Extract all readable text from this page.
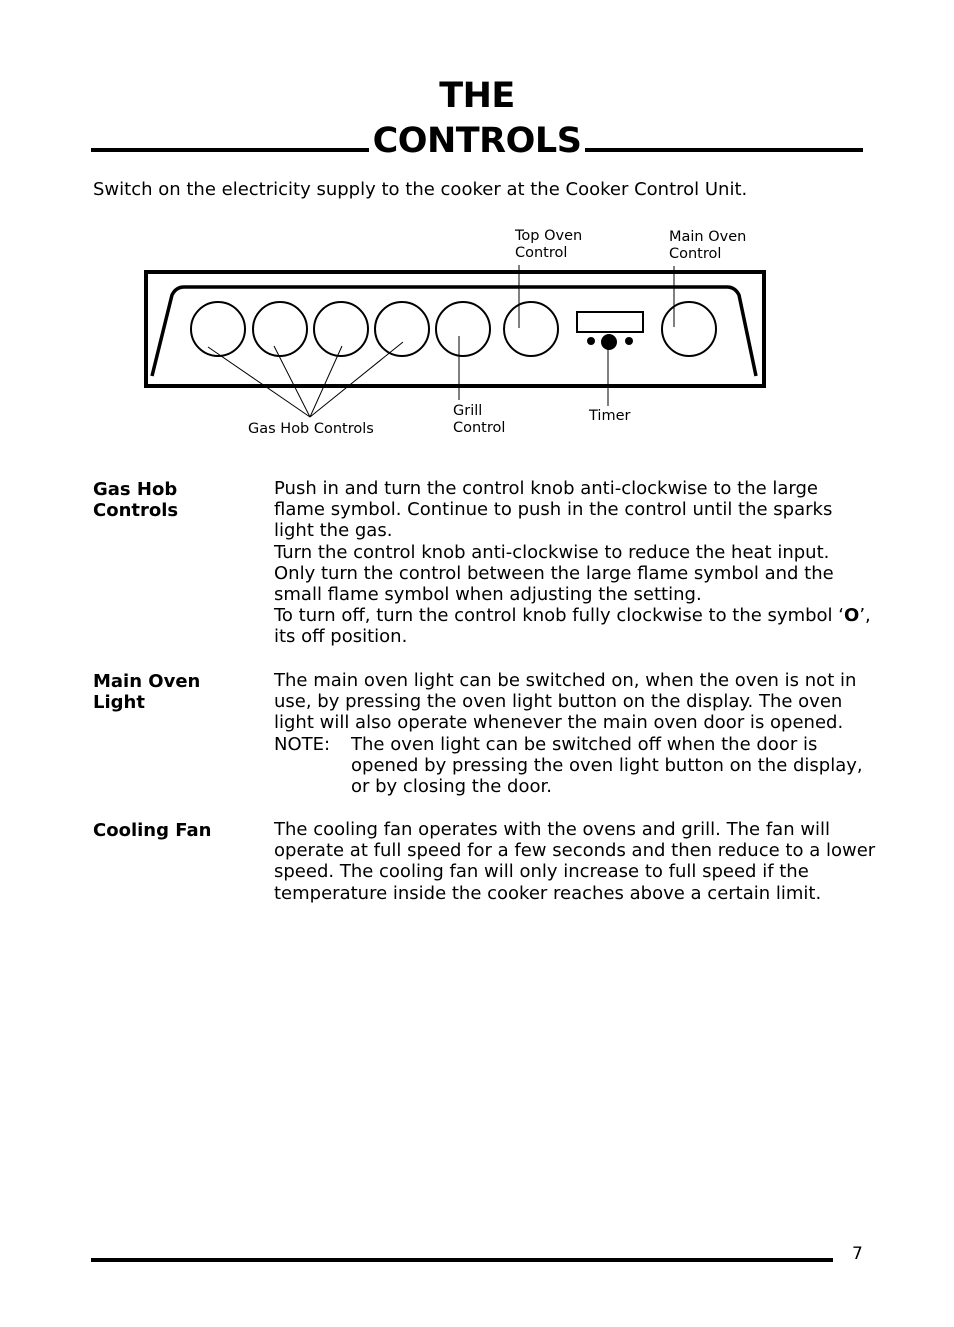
THE
CONTROLS
Switch on the electricity supply to the cooker at the Cooker Control Unit.
Top Oven
Control
Main Oven
Control
Gas Hob Controls
Grill
Control
Timer
Gas Hob
Controls

Push in and turn the control knob anti-clockwise to the large

flame symbol. Continue to push in the control until the sparks

light the gas.

Turn the control knob anti-clockwise to reduce the heat input.

Only turn the control between the large flame symbol and the

small flame symbol when adjusting the setting.

To turn off, turn the control knob fully clockwise to the symbol ‘O’,

its off position.

Main Oven
Light

The main oven light can be switched on, when the oven is not in

use, by pressing the oven light button on the display. The oven

light will also operate whenever the main oven door is opened.

NOTE:	The oven light can be switched off when the door is

opened by pressing the oven light button on the display,

or by closing the door.

Cooling Fan	The cooling fan operates with the ovens and grill. The fan will

operate at full speed for a few seconds and then reduce to a lower

speed. The cooling fan will only increase to full speed if the

temperature inside the cooker reaches above a certain limit.

7
